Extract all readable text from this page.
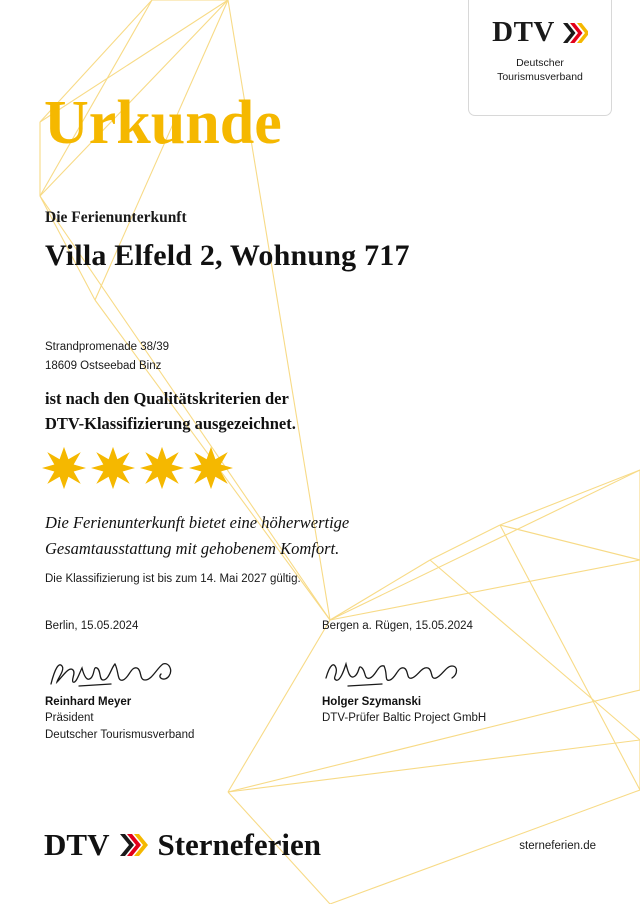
DTV
Deutscher
Tourismusverband
Urkunde
Die Ferienunterkunft
Villa Elfeld 2, Wohnung 717
Strandpromenade 38/39
18609 Ostseebad Binz
ist nach den Qualitätskriterien der
DTV-Klassifizierung ausgezeichnet.
Die Ferienunterkunft bietet eine höherwertige
Gesamtausstattung mit gehobenem Komfort.
Die Klassifizierung ist bis zum 14. Mai 2027 gültig.
Berlin, 15.05.2024
Reinhard Meyer
Präsident
Deutscher Tourismusverband
Bergen a. Rügen, 15.05.2024
Holger Szymanski
DTV-Prüfer Baltic Project GmbH
DTV Sterneferien	sterneferien.de
